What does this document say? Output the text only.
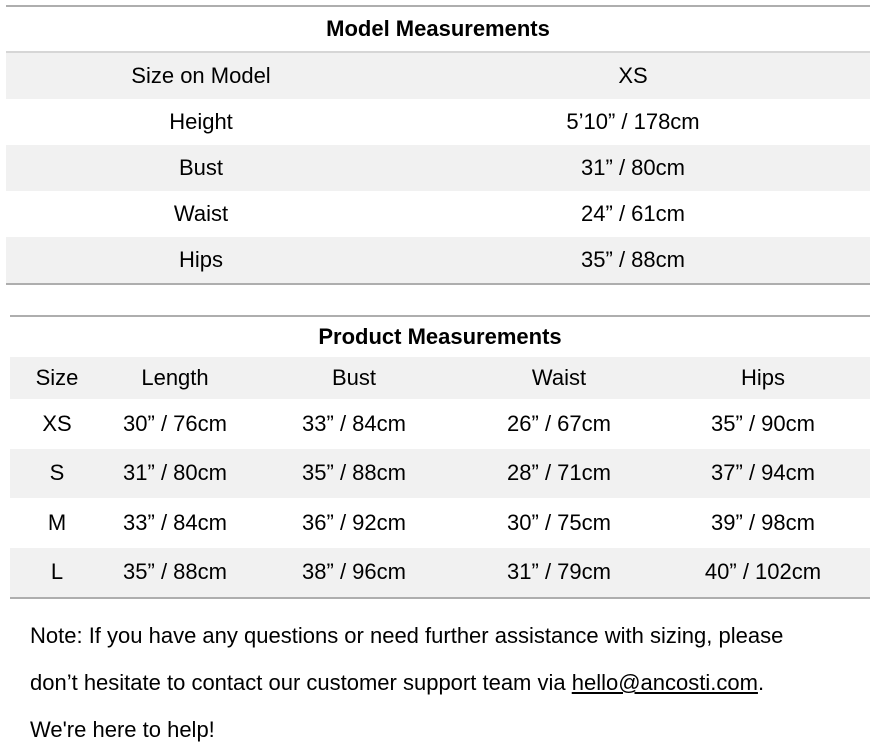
Model Measurements
Size on Model	XS
Height	5’10” / 178cm
Bust	31” / 80cm
Waist	24” / 61cm
Hips	35” / 88cm
Product Measurements
Size	Length	Bust	Waist	Hips
XS	30” / 76cm	33” / 84cm	26” / 67cm	35” / 90cm
S	31” / 80cm	35” / 88cm	28” / 71cm	37” / 94cm
M	33” / 84cm	36” / 92cm	30” / 75cm	39” / 98cm
L	35” / 88cm	38” / 96cm	31” / 79cm	40” / 102cm
Note: If you have any questions or need further assistance with sizing, please
don’t hesitate to contact our customer support team via hello@ancosti.com.
We're here to help!
